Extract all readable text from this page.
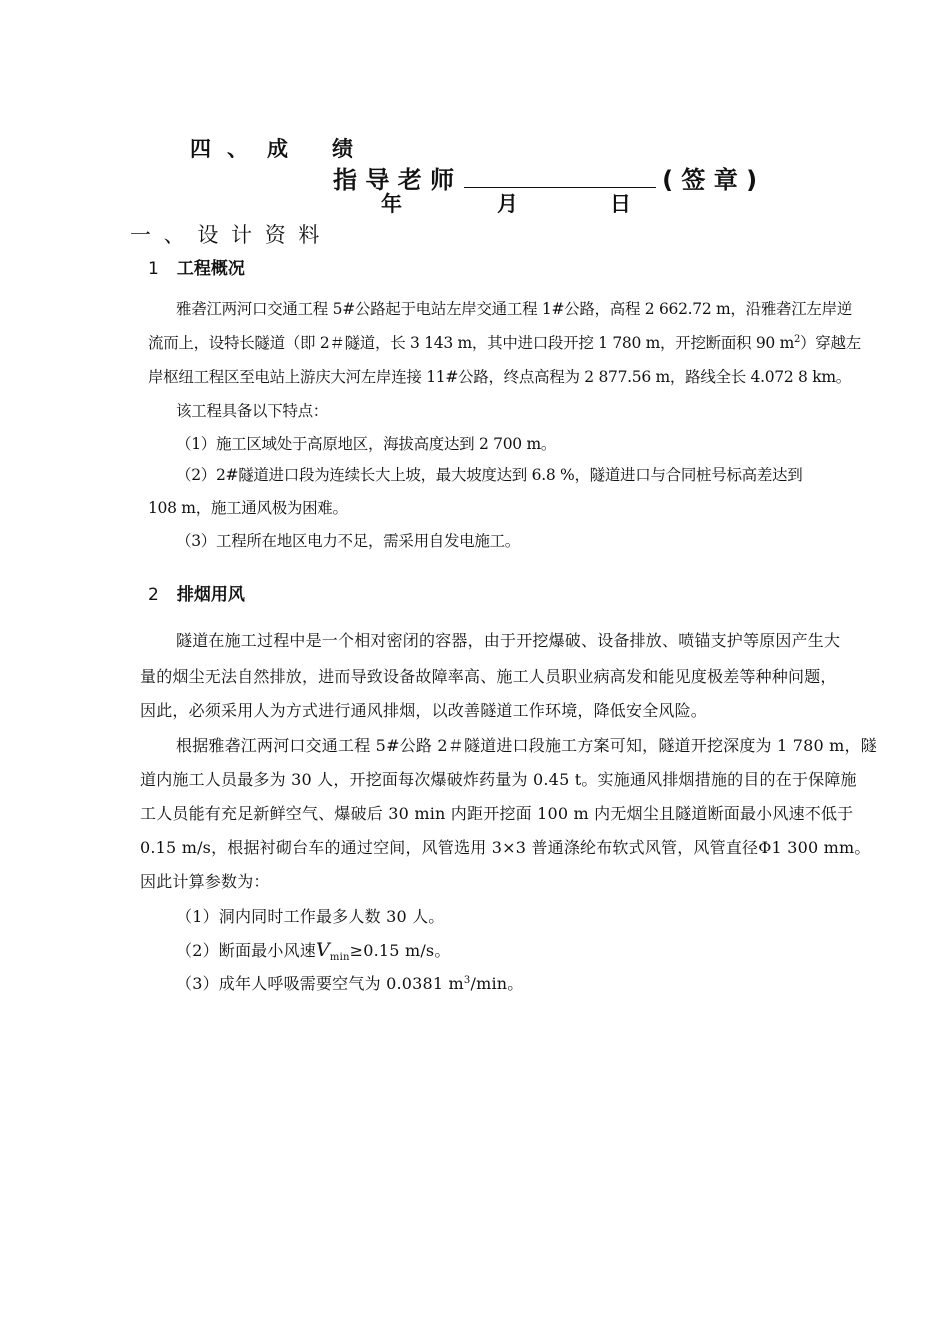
四 、 成 绩
指 导 老 师	( 签 章 )
年	月	日
一 、 设 计 资 料
1 工程概况
雅砻江两河口交通工程 5#公路起于电站左岸交通工程 1#公路，高程 2 662.72 m，沿雅砻江左岸逆
流而上，设特长隧道（即 2＃隧道，长 3 143 m，其中进口段开挖 1 780 m，开挖断面积 90 $m^2$）穿越左
岸枢纽工程区至电站上游庆大河左岸连接 11#公路，终点高程为 2 877.56 m，路线全长 4.072 8 km。
该工程具备以下特点：
（1）施工区域处于高原地区，海拔高度达到 2 700 m。
（2）2#隧道进口段为连续长大上坡，最大坡度达到 6.8 %，隧道进口与合同桩号标高差达到
108 m，施工通风极为困难。
（3）工程所在地区电力不足，需采用自发电施工。
2 排烟用风
隧道在施工过程中是一个相对密闭的容器，由于开挖爆破、设备排放、喷锚支护等原因产生大
量的烟尘无法自然排放，进而导致设备故障率高、施工人员职业病高发和能见度极差等种种问题，
因此，必须采用人为方式进行通风排烟，以改善隧道工作环境，降低安全风险。
根据雅砻江两河口交通工程 5#公路 2＃隧道进口段施工方案可知，隧道开挖深度为 1 780 m，隧
道内施工人员最多为 30 人，开挖面每次爆破炸药量为 0.45 t。实施通风排烟措施的目的在于保障施
工人员能有充足新鲜空气、爆破后 30 min 内距开挖面 100 m 内无烟尘且隧道断面最小风速不低于
0.15 m/s，根据衬砌台车的通过空间，风管选用 3×3 普通涤纶布软式风管，风管直径Φ1 300 mm。
因此计算参数为：
（1）洞内同时工作最多人数 30 人。
（2）断面最小风速$V_{min}\ge 0.15$ m/s。
（3）成年人呼吸需要空气为 0.0381 $m^3/\min$。
